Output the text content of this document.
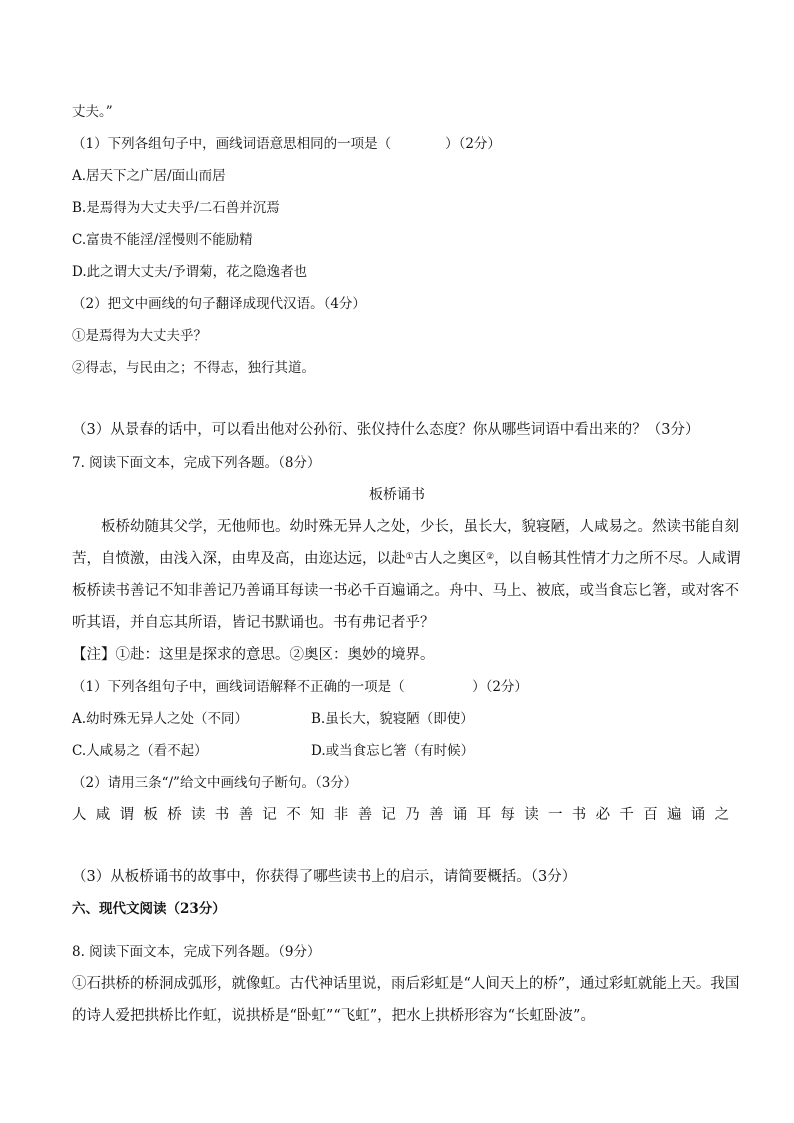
丈夫。”
（1）下列各组句子中，画线词语意思相同的一项是（　　　　）（2分）
A.居天下之广居/面山而居
B.是焉得为大丈夫乎/二石兽并沉焉
C.富贵不能淫/淫慢则不能励精
D.此之谓大丈夫/予谓菊，花之隐逸者也
（2）把文中画线的句子翻译成现代汉语。（4分）
①是焉得为大丈夫乎？
②得志，与民由之；不得志，独行其道。
（3）从景春的话中，可以看出他对公孙衍、张仪持什么态度？你从哪些词语中看出来的？（3分）
7. 阅读下面文本，完成下列各题。（8分）
板桥诵书
　　板桥幼随其父学，无他师也。幼时殊无异人之处，少长，虽长大，貌寝陋，人咸易之。然读书能自刻
苦，自愤激，由浅入深，由卑及高，由迩达远，以赴①古人之奥区②，以自畅其性情才力之所不尽。人咸谓
板桥读书善记不知非善记乃善诵耳每读一书必千百遍诵之。舟中、马上、被底，或当食忘匕箸，或对客不
听其语，并自忘其所语，皆记书默诵也。书有弗记者乎？
【注】①赴：这里是探求的意思。②奥区：奥妙的境界。
（1）下列各组句子中，画线词语解释不正确的一项是（　　　　　）（2分）
A.幼时殊无异人之处（不同）	B.虽长大，貌寝陋（即使）
C.人咸易之（看不起）	D.或当食忘匕箸（有时候）
（2）请用三条“/”给文中画线句子断句。（3分）
人咸谓板桥读书善记不知非善记乃善诵耳每读一书必千百遍诵之
（3）从板桥诵书的故事中，你获得了哪些读书上的启示，请简要概括。（3分）
六、现代文阅读（23分）
8. 阅读下面文本，完成下列各题。（9分）
①石拱桥的桥洞成弧形，就像虹。古代神话里说，雨后彩虹是“人间天上的桥”，通过彩虹就能上天。我国
的诗人爱把拱桥比作虹，说拱桥是“卧虹”“飞虹”，把水上拱桥形容为“长虹卧波”。
